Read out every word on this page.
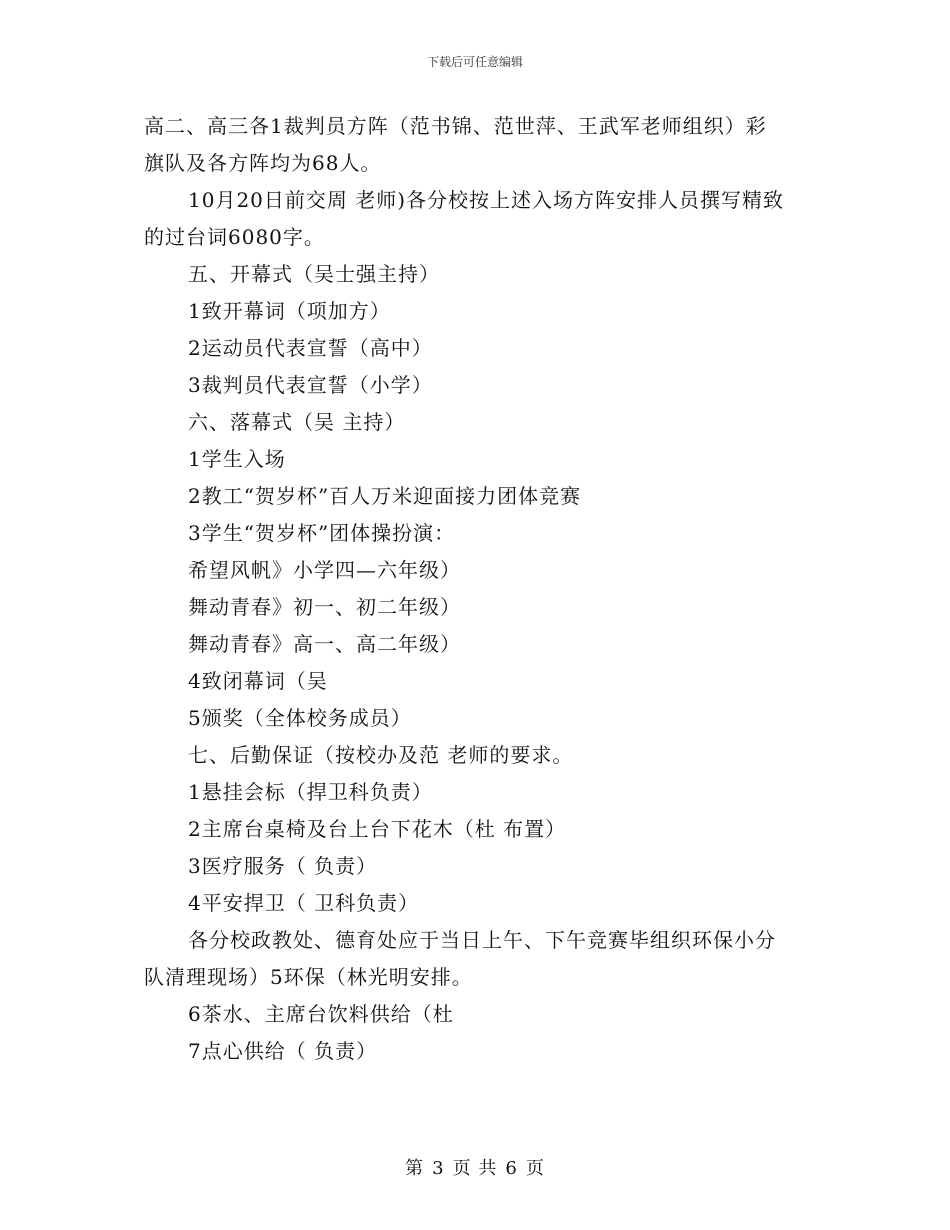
下载后可任意编辑
高二、高三各1裁判员方阵（范书锦、范世萍、王武军老师组织）彩
旗队及各方阵均为68人。
10月20日前交周 老师)各分校按上述入场方阵安排人员撰写精致
的过台词6080字。
五、开幕式（吴士强主持）
1致开幕词（项加方）
2运动员代表宣誓（高中）
3裁判员代表宣誓（小学）
六、落幕式（吴 主持）
1学生入场
2教工“贺岁杯”百人万米迎面接力团体竞赛
3学生“贺岁杯”团体操扮演：
希望风帆》小学四—六年级）
舞动青春》初一、初二年级）
舞动青春》高一、高二年级）
4致闭幕词（吴
5颁奖（全体校务成员）
七、后勤保证（按校办及范 老师的要求。
1悬挂会标（捍卫科负责）
2主席台桌椅及台上台下花木（杜 布置）
3医疗服务（ 负责）
4平安捍卫（ 卫科负责）
各分校政教处、德育处应于当日上午、下午竞赛毕组织环保小分
队清理现场）5环保（林光明安排。
6茶水、主席台饮料供给（杜
7点心供给（ 负责）
第 3 页 共 6 页
